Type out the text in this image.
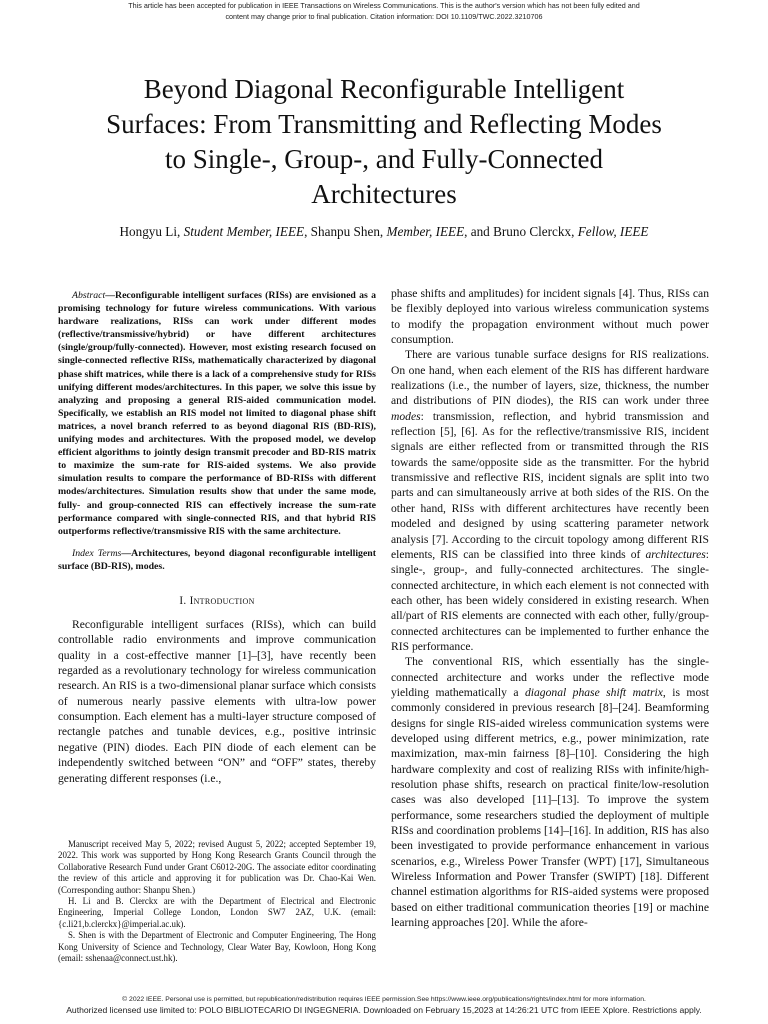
This article has been accepted for publication in IEEE Transactions on Wireless Communications. This is the author's version which has not been fully edited and
content may change prior to final publication. Citation information: DOI 10.1109/TWC.2022.3210706
Beyond Diagonal Reconfigurable Intelligent
Surfaces: From Transmitting and Reflecting Modes
to Single-, Group-, and Fully-Connected
Architectures
Hongyu Li, Student Member, IEEE, Shanpu Shen, Member, IEEE, and Bruno Clerckx, Fellow, IEEE

Abstract—Reconfigurable intelligent surfaces (RISs) are envisioned as a promising technology for future wireless communications. With various hardware realizations, RISs can work under different modes (reflective/transmissive/hybrid) or have different architectures (single/group/fully-connected). However, most existing research focused on single-connected reflective RISs, mathematically characterized by diagonal phase shift matrices, while there is a lack of a comprehensive study for RISs unifying different modes/architectures. In this paper, we solve this issue by analyzing and proposing a general RIS-aided communication model. Specifically, we establish an RIS model not limited to diagonal phase shift matrices, a novel branch referred to as beyond diagonal RIS (BD-RIS), unifying modes and architectures. With the proposed model, we develop efficient algorithms to jointly design transmit precoder and BD-RIS matrix to maximize the sum-rate for RIS-aided systems. We also provide simulation results to compare the performance of BD-RISs with different modes/architectures. Simulation results show that under the same mode, fully- and group-connected RIS can effectively increase the sum-rate performance compared with single-connected RIS, and that hybrid RIS outperforms reflective/transmissive RIS with the same architecture.

Index Terms—Architectures, beyond diagonal reconfigurable intelligent surface (BD-RIS), modes.

I. Introduction

Reconfigurable intelligent surfaces (RISs), which can build controllable radio environments and improve communication quality in a cost-effective manner [1]–[3], have recently been regarded as a revolutionary technology for wireless communication research. An RIS is a two-dimensional planar surface which consists of numerous nearly passive elements with ultra-low power consumption. Each element has a multi-layer structure composed of rectangle patches and tunable devices, e.g., positive intrinsic negative (PIN) diodes. Each PIN diode of each element can be independently switched between “ON” and “OFF” states, thereby generating different responses (i.e.,

Manuscript received May 5, 2022; revised August 5, 2022; accepted September 19, 2022. This work was supported by Hong Kong Research Grants Council through the Collaborative Research Fund under Grant C6012-20G. The associate editor coordinating the review of this article and approving it for publication was Dr. Chao-Kai Wen. (Corresponding author: Shanpu Shen.)

H. Li and B. Clerckx are with the Department of Electrical and Electronic Engineering, Imperial College London, London SW7 2AZ, U.K. (email:{c.li21,b.clerckx}@imperial.ac.uk).

S. Shen is with the Department of Electronic and Computer Engineering, The Hong Kong University of Science and Technology, Clear Water Bay, Kowloon, Hong Kong (email: sshenaa@connect.ust.hk).

phase shifts and amplitudes) for incident signals [4]. Thus, RISs can be flexibly deployed into various wireless communication systems to modify the propagation environment without much power consumption.

There are various tunable surface designs for RIS realizations. On one hand, when each element of the RIS has different hardware realizations (i.e., the number of layers, size, thickness, the number and distributions of PIN diodes), the RIS can work under three modes: transmission, reflection, and hybrid transmission and reflection [5], [6]. As for the reflective/transmissive RIS, incident signals are either reflected from or transmitted through the RIS towards the same/opposite side as the transmitter. For the hybrid transmissive and reflective RIS, incident signals are split into two parts and can simultaneously arrive at both sides of the RIS. On the other hand, RISs with different architectures have recently been modeled and designed by using scattering parameter network analysis [7]. According to the circuit topology among different RIS elements, RIS can be classified into three kinds of architectures: single-, group-, and fully-connected architectures. The single-connected architecture, in which each element is not connected with each other, has been widely considered in existing research. When all/part of RIS elements are connected with each other, fully/group-connected architectures can be implemented to further enhance the RIS performance.

The conventional RIS, which essentially has the single-connected architecture and works under the reflective mode yielding mathematically a diagonal phase shift matrix, is most commonly considered in previous research [8]–[24]. Beamforming designs for single RIS-aided wireless communication systems were developed using different metrics, e.g., power minimization, rate maximization, max-min fairness [8]–[10]. Considering the high hardware complexity and cost of realizing RISs with infinite/high-resolution phase shifts, research on practical finite/low-resolution cases was also developed [11]–[13]. To improve the system performance, some researchers studied the deployment of multiple RISs and coordination problems [14]–[16]. In addition, RIS has also been investigated to provide performance enhancement in various scenarios, e.g., Wireless Power Transfer (WPT) [17], Simultaneous Wireless Information and Power Transfer (SWIPT) [18]. Different channel estimation algorithms for RIS-aided systems were proposed based on either traditional communication theories [19] or machine learning approaches [20]. While the afore-

© 2022 IEEE. Personal use is permitted, but republication/redistribution requires IEEE permission.See https://www.ieee.org/publications/rights/index.html for more information.
Authorized licensed use limited to: POLO BIBLIOTECARIO DI INGEGNERIA. Downloaded on February 15,2023 at 14:26:21 UTC from IEEE Xplore. Restrictions apply.
